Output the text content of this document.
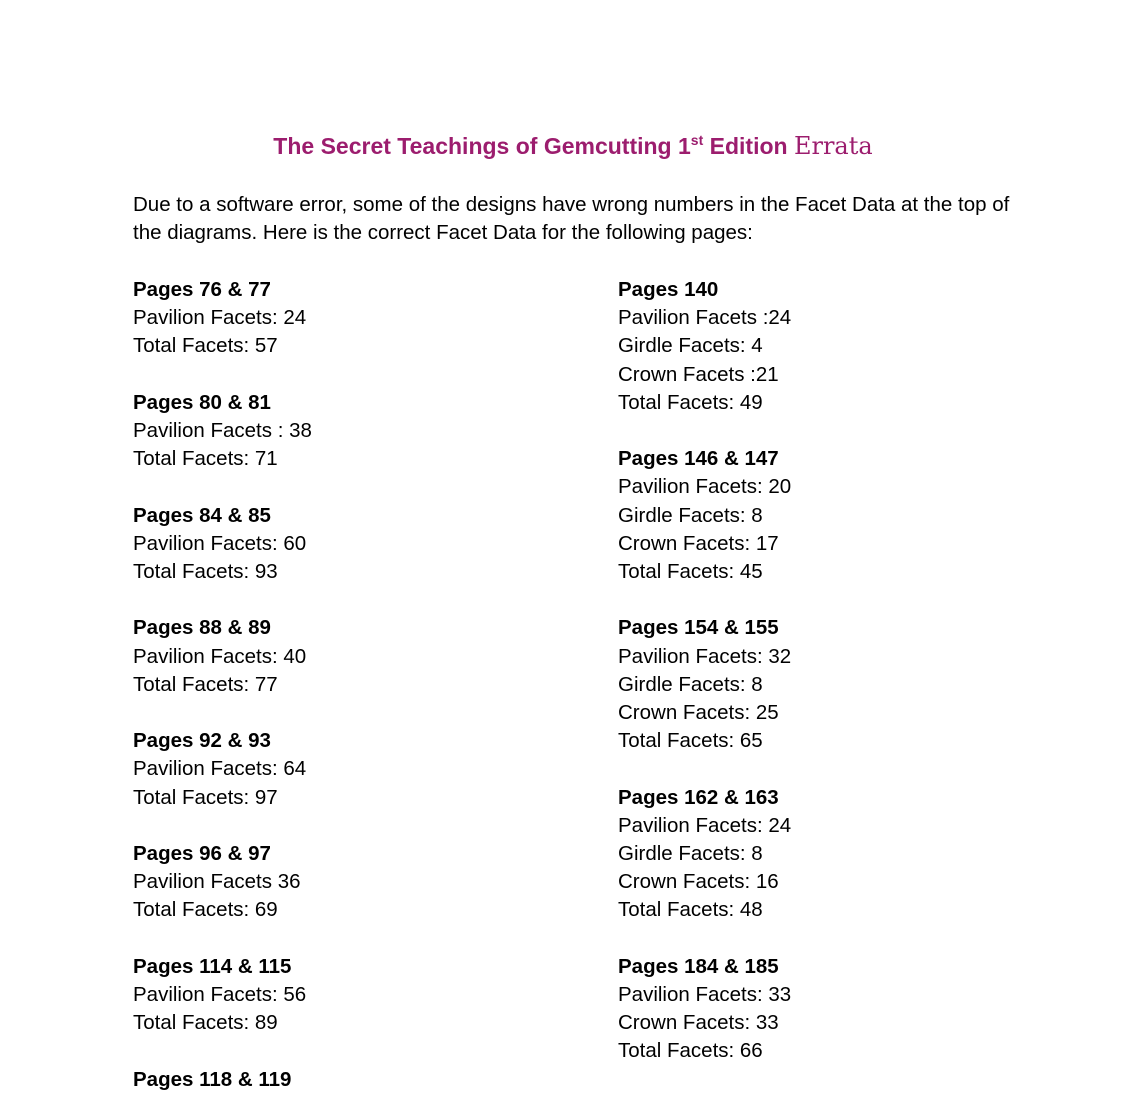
The Secret Teachings of Gemcutting 1st Edition Errata
Due to a software error, some of the designs have wrong numbers in the Facet Data at the top of the diagrams. Here is the correct Facet Data for the following pages:
Pages 76 & 77
Pavilion Facets: 24
Total Facets: 57
Pages 80 & 81
Pavilion Facets : 38
Total Facets: 71
Pages 84 & 85
Pavilion Facets: 60
Total Facets: 93
Pages 88 & 89
Pavilion Facets: 40
Total Facets: 77
Pages 92 & 93
Pavilion Facets: 64
Total Facets: 97
Pages 96 & 97
Pavilion Facets 36
Total Facets: 69
Pages 114 & 115
Pavilion Facets: 56
Total Facets: 89
Pages 118 & 119
Pages 140
Pavilion Facets :24
Girdle Facets: 4
Crown Facets :21
Total Facets: 49
Pages 146 & 147
Pavilion Facets: 20
Girdle Facets: 8
Crown Facets: 17
Total Facets: 45
Pages 154 & 155
Pavilion Facets: 32
Girdle Facets: 8
Crown Facets: 25
Total Facets: 65
Pages 162 & 163
Pavilion Facets: 24
Girdle Facets: 8
Crown Facets: 16
Total Facets: 48
Pages 184 & 185
Pavilion Facets: 33
Crown Facets: 33
Total Facets: 66
